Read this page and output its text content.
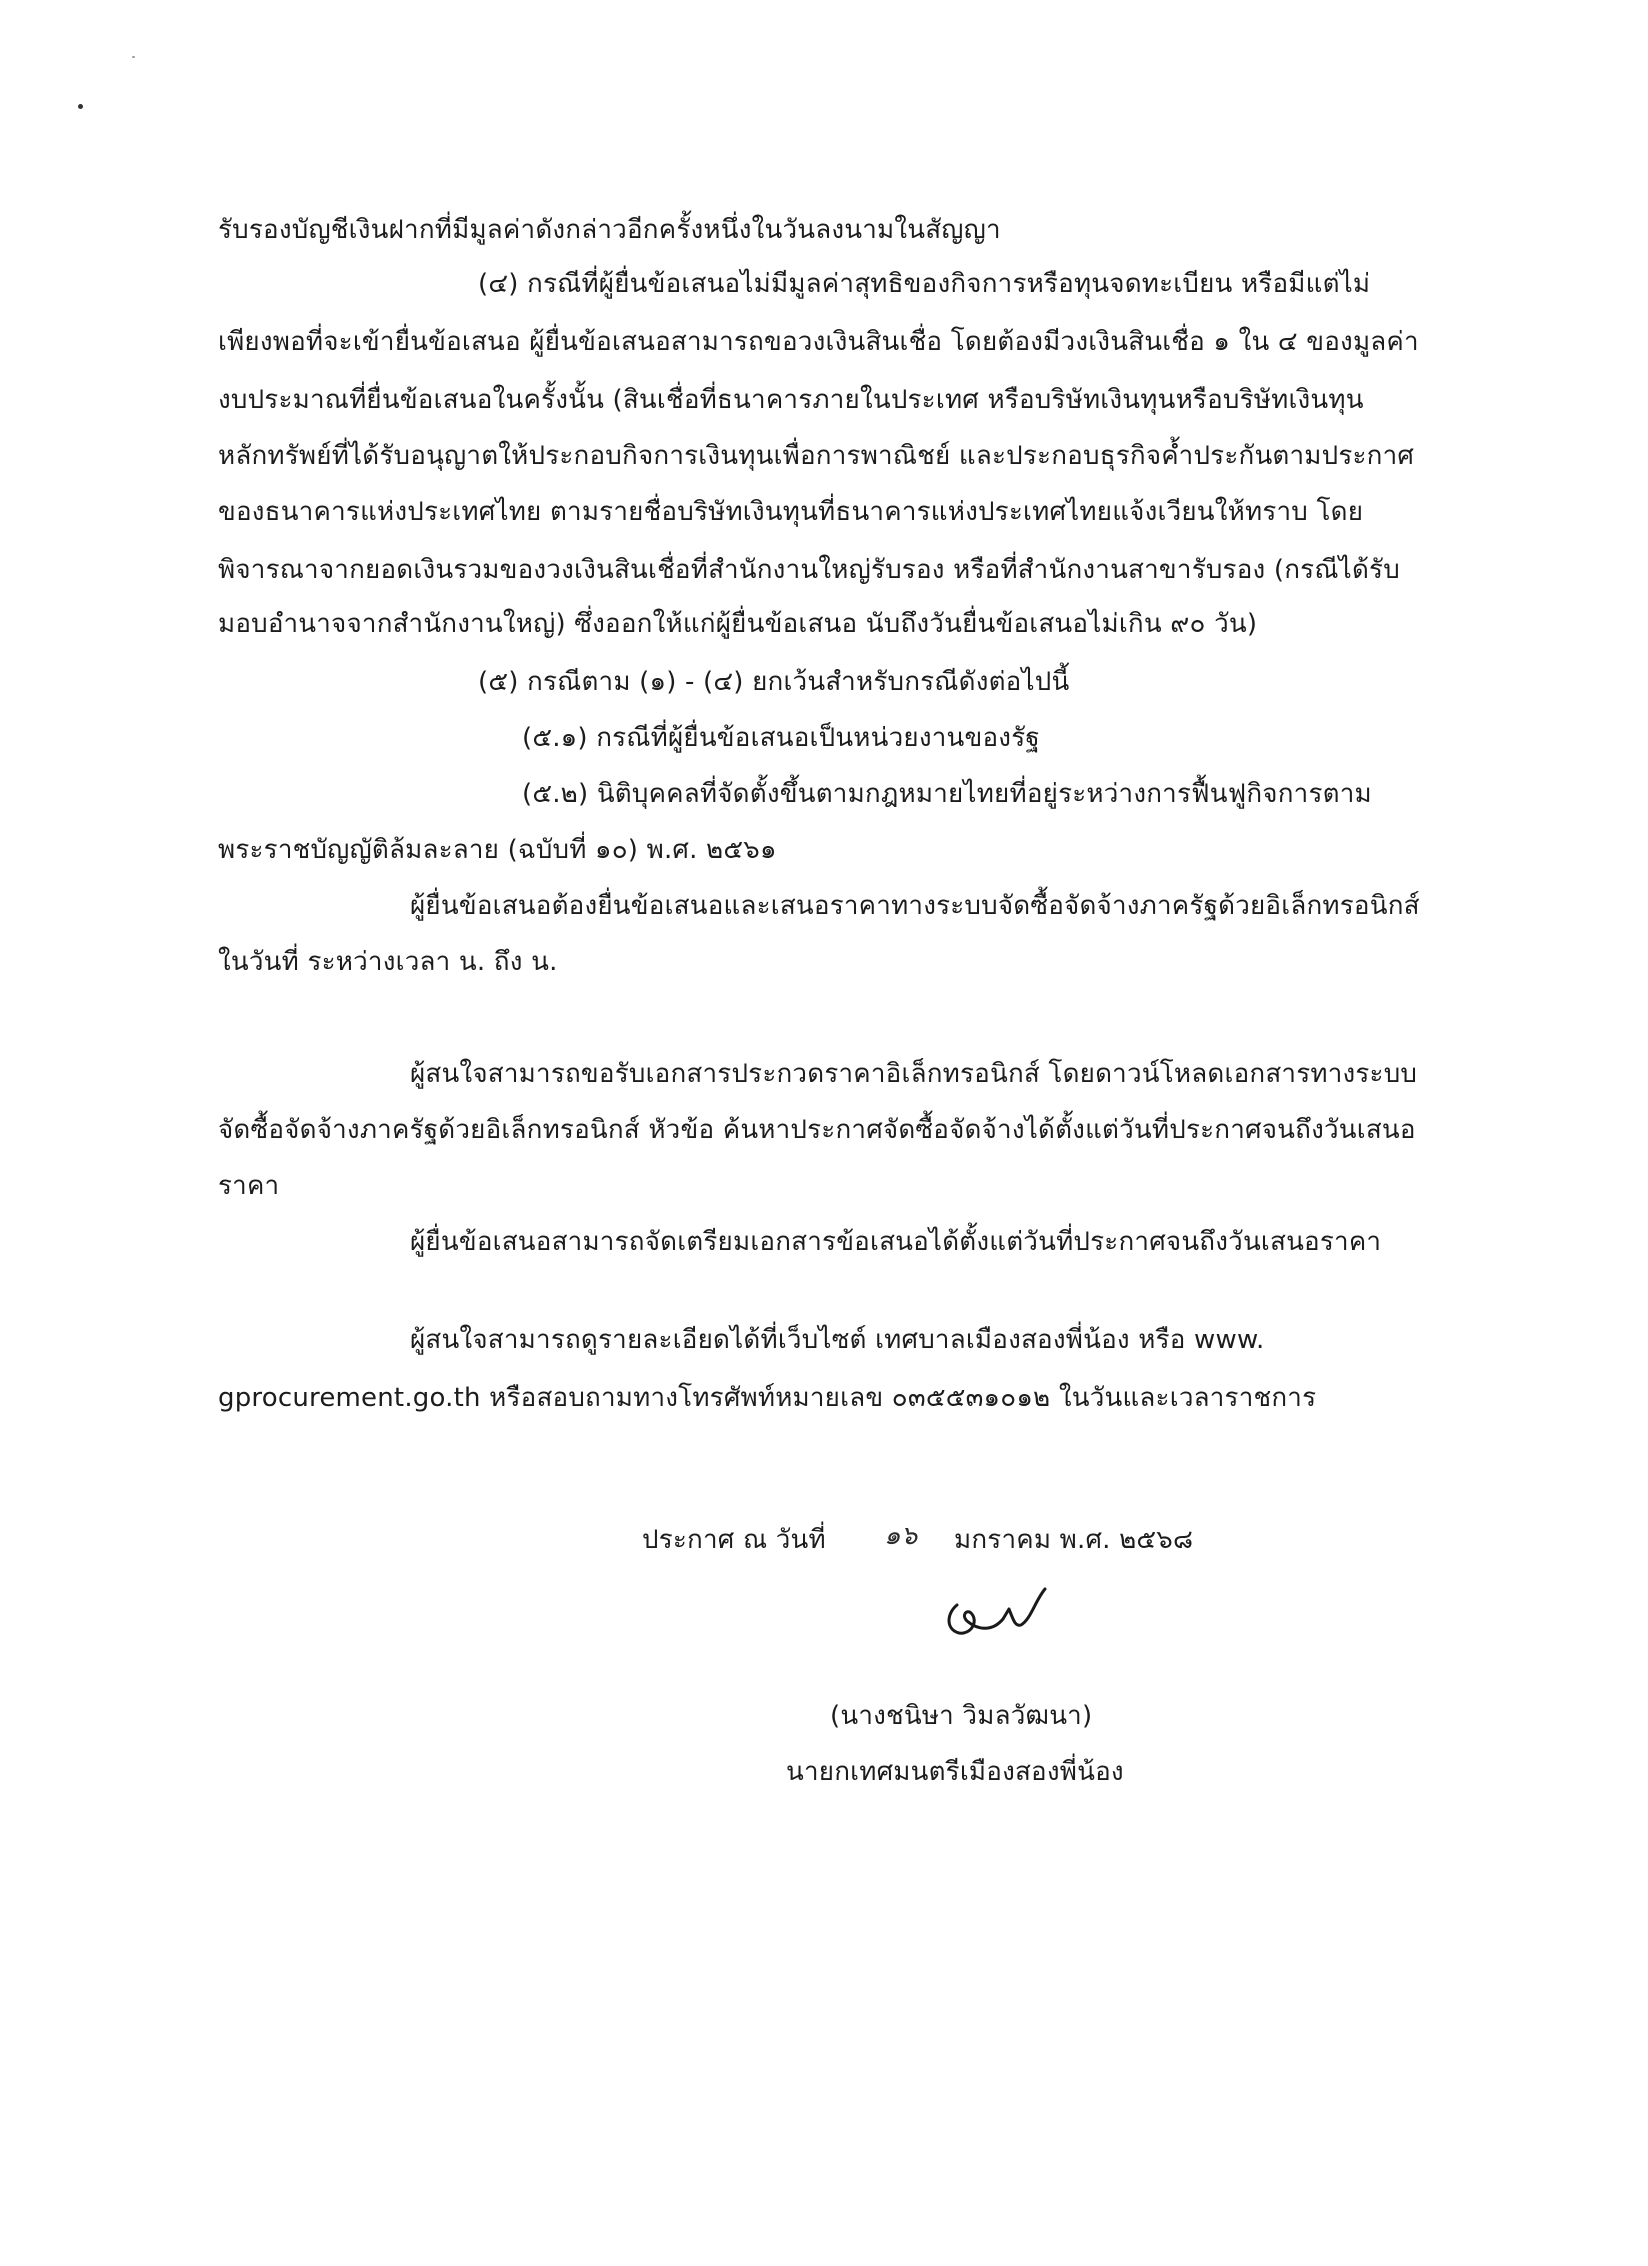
รับรองบัญชีเงินฝากที่มีมูลค่าดังกล่าวอีกครั้งหนึ่งในวันลงนามในสัญญา
(๔) กรณีที่ผู้ยื่นข้อเสนอไม่มีมูลค่าสุทธิของกิจการหรือทุนจดทะเบียน หรือมีแต่ไม่
เพียงพอที่จะเข้ายื่นข้อเสนอ ผู้ยื่นข้อเสนอสามารถขอวงเงินสินเชื่อ โดยต้องมีวงเงินสินเชื่อ ๑ ใน ๔ ของมูลค่า
งบประมาณที่ยื่นข้อเสนอในครั้งนั้น (สินเชื่อที่ธนาคารภายในประเทศ หรือบริษัทเงินทุนหรือบริษัทเงินทุน
หลักทรัพย์ที่ได้รับอนุญาตให้ประกอบกิจการเงินทุนเพื่อการพาณิชย์ และประกอบธุรกิจค้ำประกันตามประกาศ
ของธนาคารแห่งประเทศไทย ตามรายชื่อบริษัทเงินทุนที่ธนาคารแห่งประเทศไทยแจ้งเวียนให้ทราบ โดย
พิจารณาจากยอดเงินรวมของวงเงินสินเชื่อที่สำนักงานใหญ่รับรอง หรือที่สำนักงานสาขารับรอง (กรณีได้รับ
มอบอำนาจจากสำนักงานใหญ่) ซึ่งออกให้แก่ผู้ยื่นข้อเสนอ นับถึงวันยื่นข้อเสนอไม่เกิน ๙๐ วัน)
(๕) กรณีตาม (๑) - (๔) ยกเว้นสำหรับกรณีดังต่อไปนี้
(๕.๑) กรณีที่ผู้ยื่นข้อเสนอเป็นหน่วยงานของรัฐ
(๕.๒) นิติบุคคลที่จัดตั้งขึ้นตามกฎหมายไทยที่อยู่ระหว่างการฟื้นฟูกิจการตาม
พระราชบัญญัติล้มละลาย (ฉบับที่ ๑๐) พ.ศ. ๒๕๖๑
ผู้ยื่นข้อเสนอต้องยื่นข้อเสนอและเสนอราคาทางระบบจัดซื้อจัดจ้างภาครัฐด้วยอิเล็กทรอนิกส์
ในวันที่ ระหว่างเวลา น. ถึง น.
ผู้สนใจสามารถขอรับเอกสารประกวดราคาอิเล็กทรอนิกส์ โดยดาวน์โหลดเอกสารทางระบบ
จัดซื้อจัดจ้างภาครัฐด้วยอิเล็กทรอนิกส์ หัวข้อ ค้นหาประกาศจัดซื้อจัดจ้างได้ตั้งแต่วันที่ประกาศจนถึงวันเสนอ
ราคา
ผู้ยื่นข้อเสนอสามารถจัดเตรียมเอกสารข้อเสนอได้ตั้งแต่วันที่ประกาศจนถึงวันเสนอราคา
ผู้สนใจสามารถดูรายละเอียดได้ที่เว็บไซต์ เทศบาลเมืองสองพี่น้อง หรือ www.
gprocurement.go.th หรือสอบถามทางโทรศัพท์หมายเลข ๐๓๕๕๓๑๐๑๒ ในวันและเวลาราชการ
ประกาศ ณ วันที่ ๑๖ มกราคม พ.ศ. ๒๕๖๘
(นางชนิษา วิมลวัฒนา)
นายกเทศมนตรีเมืองสองพี่น้อง
